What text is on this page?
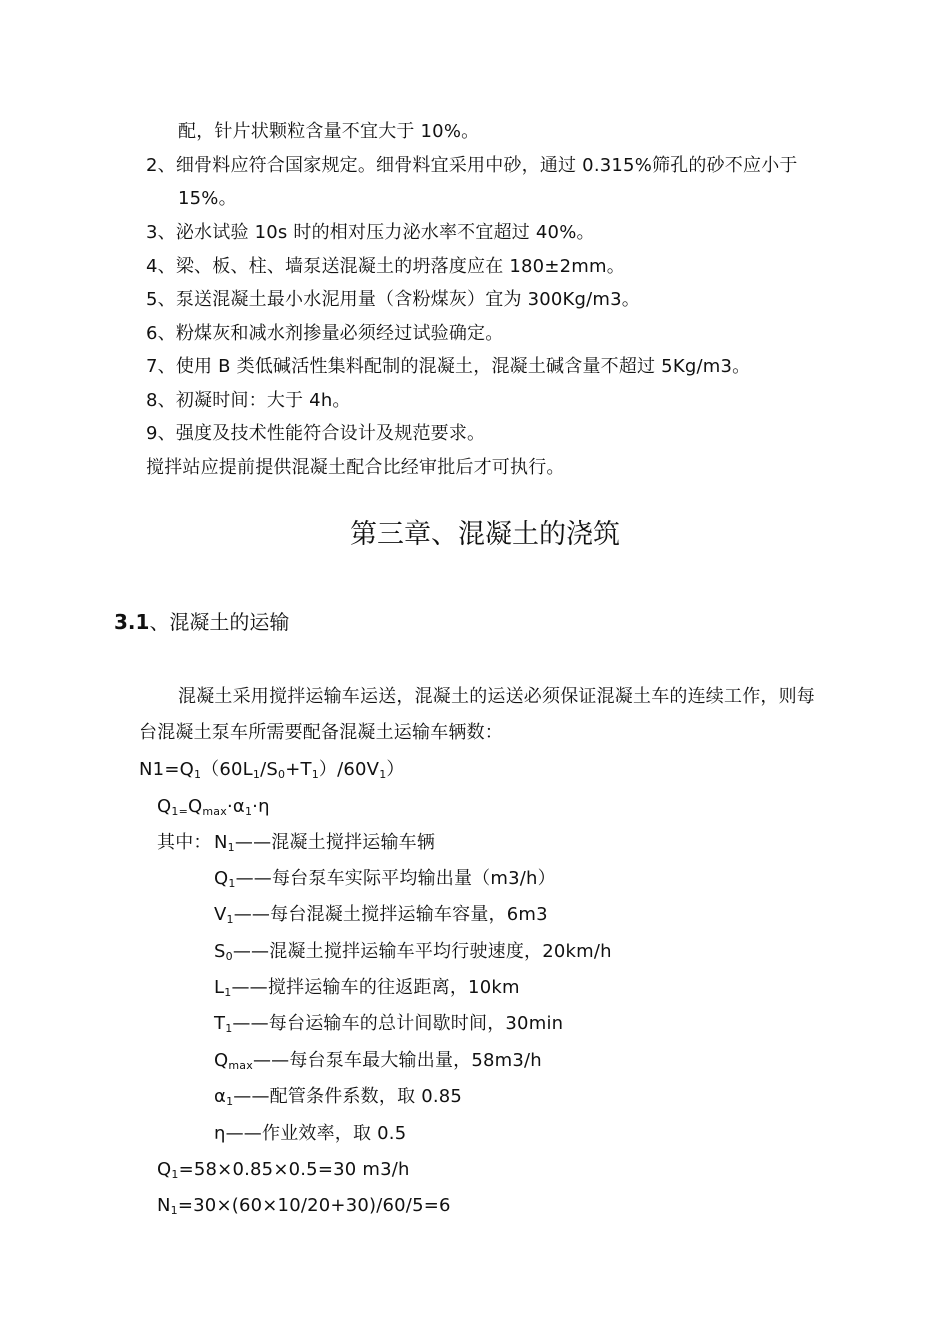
配，针片状颗粒含量不宜大于 10%。
2、细骨料应符合国家规定。细骨料宜采用中砂，通过 0.315%筛孔的砂不应小于
15%。
3、泌水试验 10s 时的相对压力泌水率不宜超过 40%。
4、梁、板、柱、墙泵送混凝土的坍落度应在 180±2mm。
5、泵送混凝土最小水泥用量（含粉煤灰）宜为 300Kg/m3。
6、粉煤灰和减水剂掺量必须经过试验确定。
7、使用 B 类低碱活性集料配制的混凝土，混凝土碱含量不超过 5Kg/m3。
8、初凝时间：大于 4h。
9、强度及技术性能符合设计及规范要求。
搅拌站应提前提供混凝土配合比经审批后才可执行。
第三章、混凝土的浇筑
3.1、混凝土的运输
混凝土采用搅拌运输车运送，混凝土的运送必须保证混凝土车的连续工作，则每
台混凝土泵车所需要配备混凝土运输车辆数：
$N1=Q_1(60L_1/S_0+T_1)/60V_1$）
$Q_{1=}Q_{max}\cdot\alpha_1\cdot\eta$
其中： $N_1——$混凝土搅拌运输车辆
$Q_1——$每台泵车实际平均输出量（m3/h）
$V_1——$每台混凝土搅拌运输车容量，6m3
$S_0——$混凝土搅拌运输车平均行驶速度，20km/h
$L_1——$搅拌运输车的往返距离，10km
$T_1——$每台运输车的总计间歇时间，30min
$Q_{max}——$每台泵车最大输出量，58m3/h
$\alpha_1——$配管条件系数，取 0.85
η——作业效率，取 0.5
$Q_1=58\times 0.85\times 0.5=30$ m3/h
$N_1=30\times(60\times 10/20+30)/60/5=6$
